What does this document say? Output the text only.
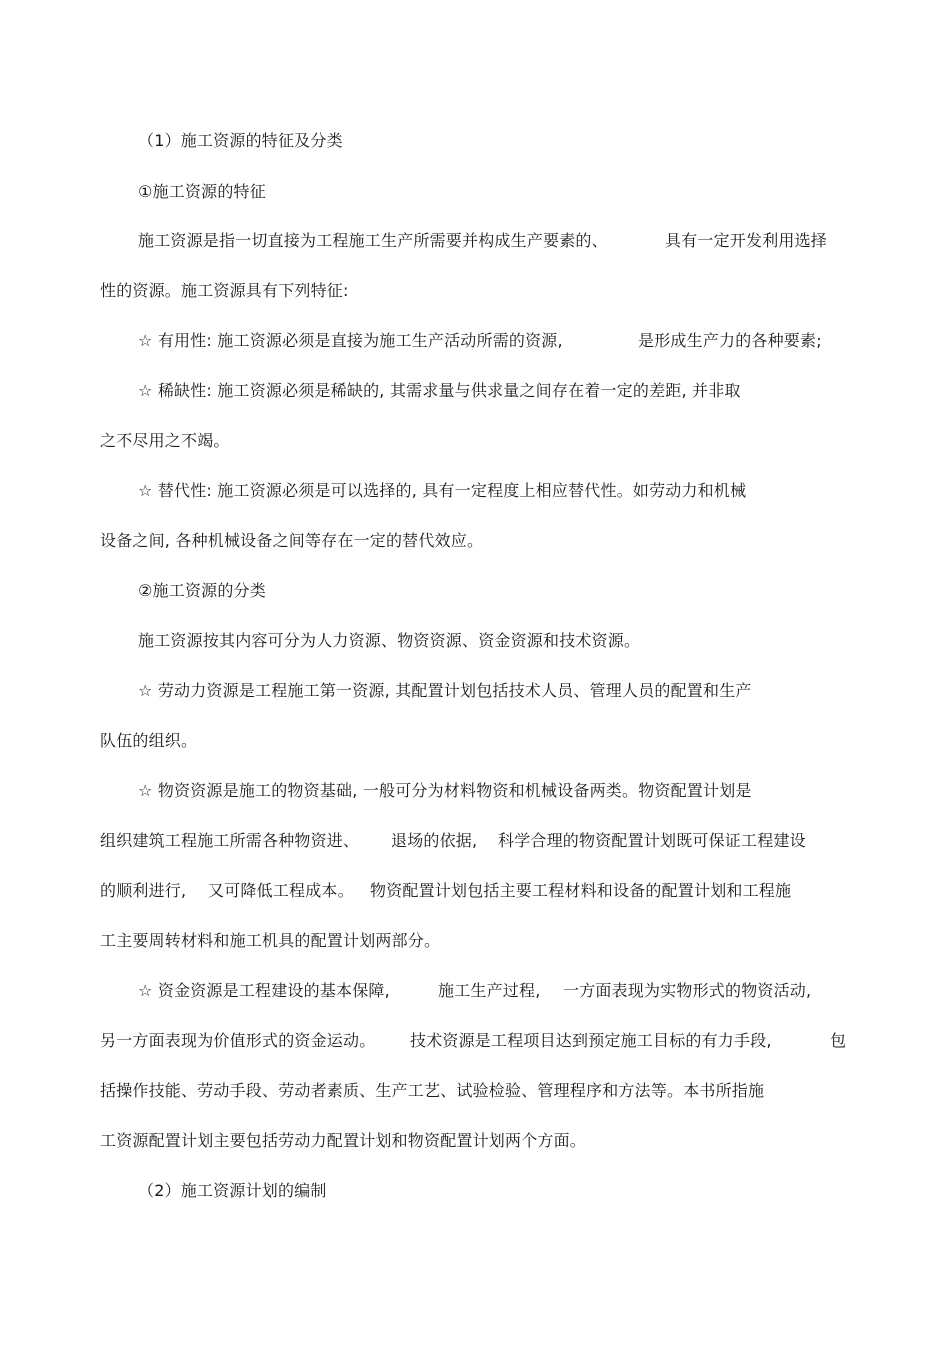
（1）施工资源的特征及分类
①施工资源的特征
施工资源是指一切直接为工程施工生产所需要并构成生产要素的、	具有一定开发利用选择
性的资源。施工资源具有下列特征:
☆ 有用性: 施工资源必须是直接为施工生产活动所需的资源,	是形成生产力的各种要素;
☆ 稀缺性: 施工资源必须是稀缺的, 其需求量与供求量之间存在着一定的差距, 并非取
之不尽用之不竭。
☆ 替代性: 施工资源必须是可以选择的, 具有一定程度上相应替代性。如劳动力和机械
设备之间, 各种机械设备之间等存在一定的替代效应。
②施工资源的分类
施工资源按其内容可分为人力资源、物资资源、资金资源和技术资源。
☆ 劳动力资源是工程施工第一资源, 其配置计划包括技术人员、管理人员的配置和生产
队伍的组织。
☆ 物资资源是施工的物资基础, 一般可分为材料物资和机械设备两类。物资配置计划是
组织建筑工程施工所需各种物资进、 退场的依据, 科学合理的物资配置计划既可保证工程建设
的顺利进行, 又可降低工程成本。 物资配置计划包括主要工程材料和设备的配置计划和工程施
工主要周转材料和施工机具的配置计划两部分。
☆ 资金资源是工程建设的基本保障,	施工生产过程, 一方面表现为实物形式的物资活动,
另一方面表现为价值形式的资金运动。 技术资源是工程项目达到预定施工目标的有力手段,	包
括操作技能、劳动手段、劳动者素质、生产工艺、试验检验、管理程序和方法等。本书所指施
工资源配置计划主要包括劳动力配置计划和物资配置计划两个方面。
（2）施工资源计划的编制
